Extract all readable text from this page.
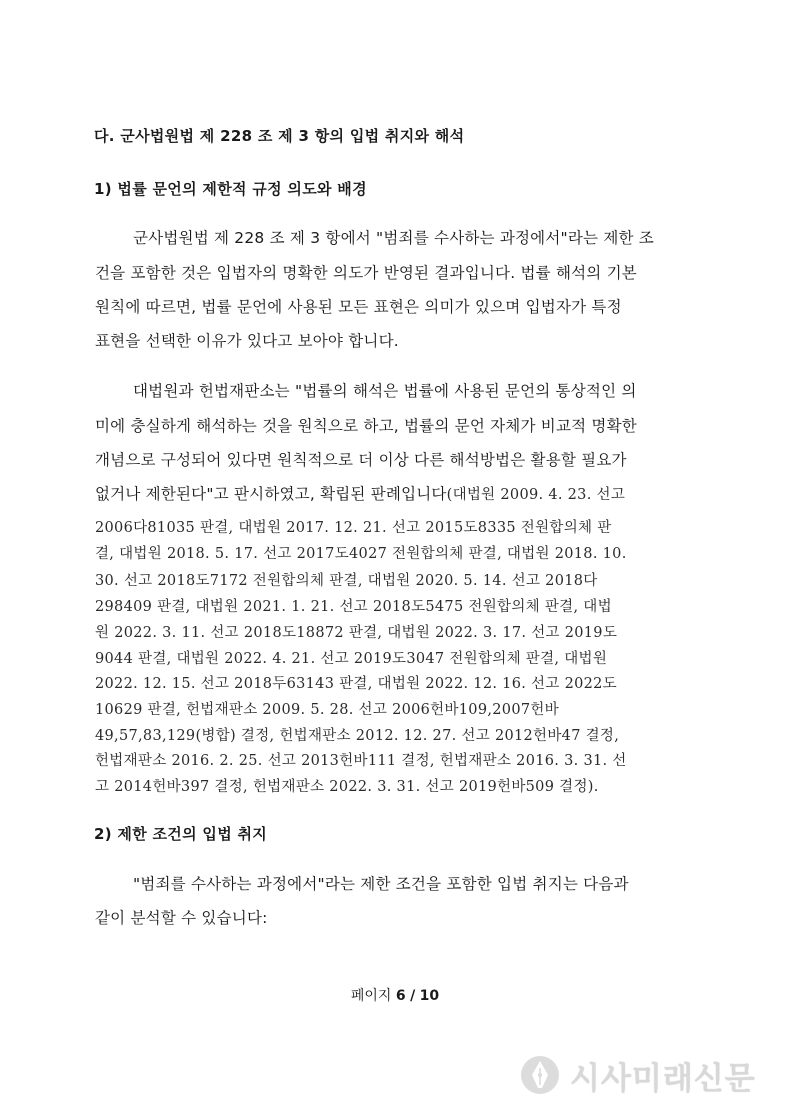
다. 군사법원법 제 228 조 제 3 항의 입법 취지와 해석
1) 법률 문언의 제한적 규정 의도와 배경
군사법원법 제 228 조 제 3 항에서 "범죄를 수사하는 과정에서"라는 제한 조
건을 포함한 것은 입법자의 명확한 의도가 반영된 결과입니다. 법률 해석의 기본
원칙에 따르면, 법률 문언에 사용된 모든 표현은 의미가 있으며 입법자가 특정
표현을 선택한 이유가 있다고 보아야 합니다.
대법원과 헌법재판소는 "법률의 해석은 법률에 사용된 문언의 통상적인 의
미에 충실하게 해석하는 것을 원칙으로 하고, 법률의 문언 자체가 비교적 명확한
개념으로 구성되어 있다면 원칙적으로 더 이상 다른 해석방법은 활용할 필요가
없거나 제한된다"고 판시하였고, 확립된 판례입니다(대법원 2009. 4. 23. 선고
2006다81035 판결, 대법원 2017. 12. 21. 선고 2015도8335 전원합의체 판
결, 대법원 2018. 5. 17. 선고 2017도4027 전원합의체 판결, 대법원 2018. 10.
30. 선고 2018도7172 전원합의체 판결, 대법원 2020. 5. 14. 선고 2018다
298409 판결, 대법원 2021. 1. 21. 선고 2018도5475 전원합의체 판결, 대법
원 2022. 3. 11. 선고 2018도18872 판결, 대법원 2022. 3. 17. 선고 2019도
9044 판결, 대법원 2022. 4. 21. 선고 2019도3047 전원합의체 판결, 대법원
2022. 12. 15. 선고 2018두63143 판결, 대법원 2022. 12. 16. 선고 2022도
10629 판결, 헌법재판소 2009. 5. 28. 선고 2006헌바109,2007헌바
49,57,83,129(병합) 결정, 헌법재판소 2012. 12. 27. 선고 2012헌바47 결정,
헌법재판소 2016. 2. 25. 선고 2013헌바111 결정, 헌법재판소 2016. 3. 31. 선
고 2014헌바397 결정, 헌법재판소 2022. 3. 31. 선고 2019헌바509 결정).
2) 제한 조건의 입법 취지
"범죄를 수사하는 과정에서"라는 제한 조건을 포함한 입법 취지는 다음과
같이 분석할 수 있습니다:
페이지 6 / 10
시사미래신문
